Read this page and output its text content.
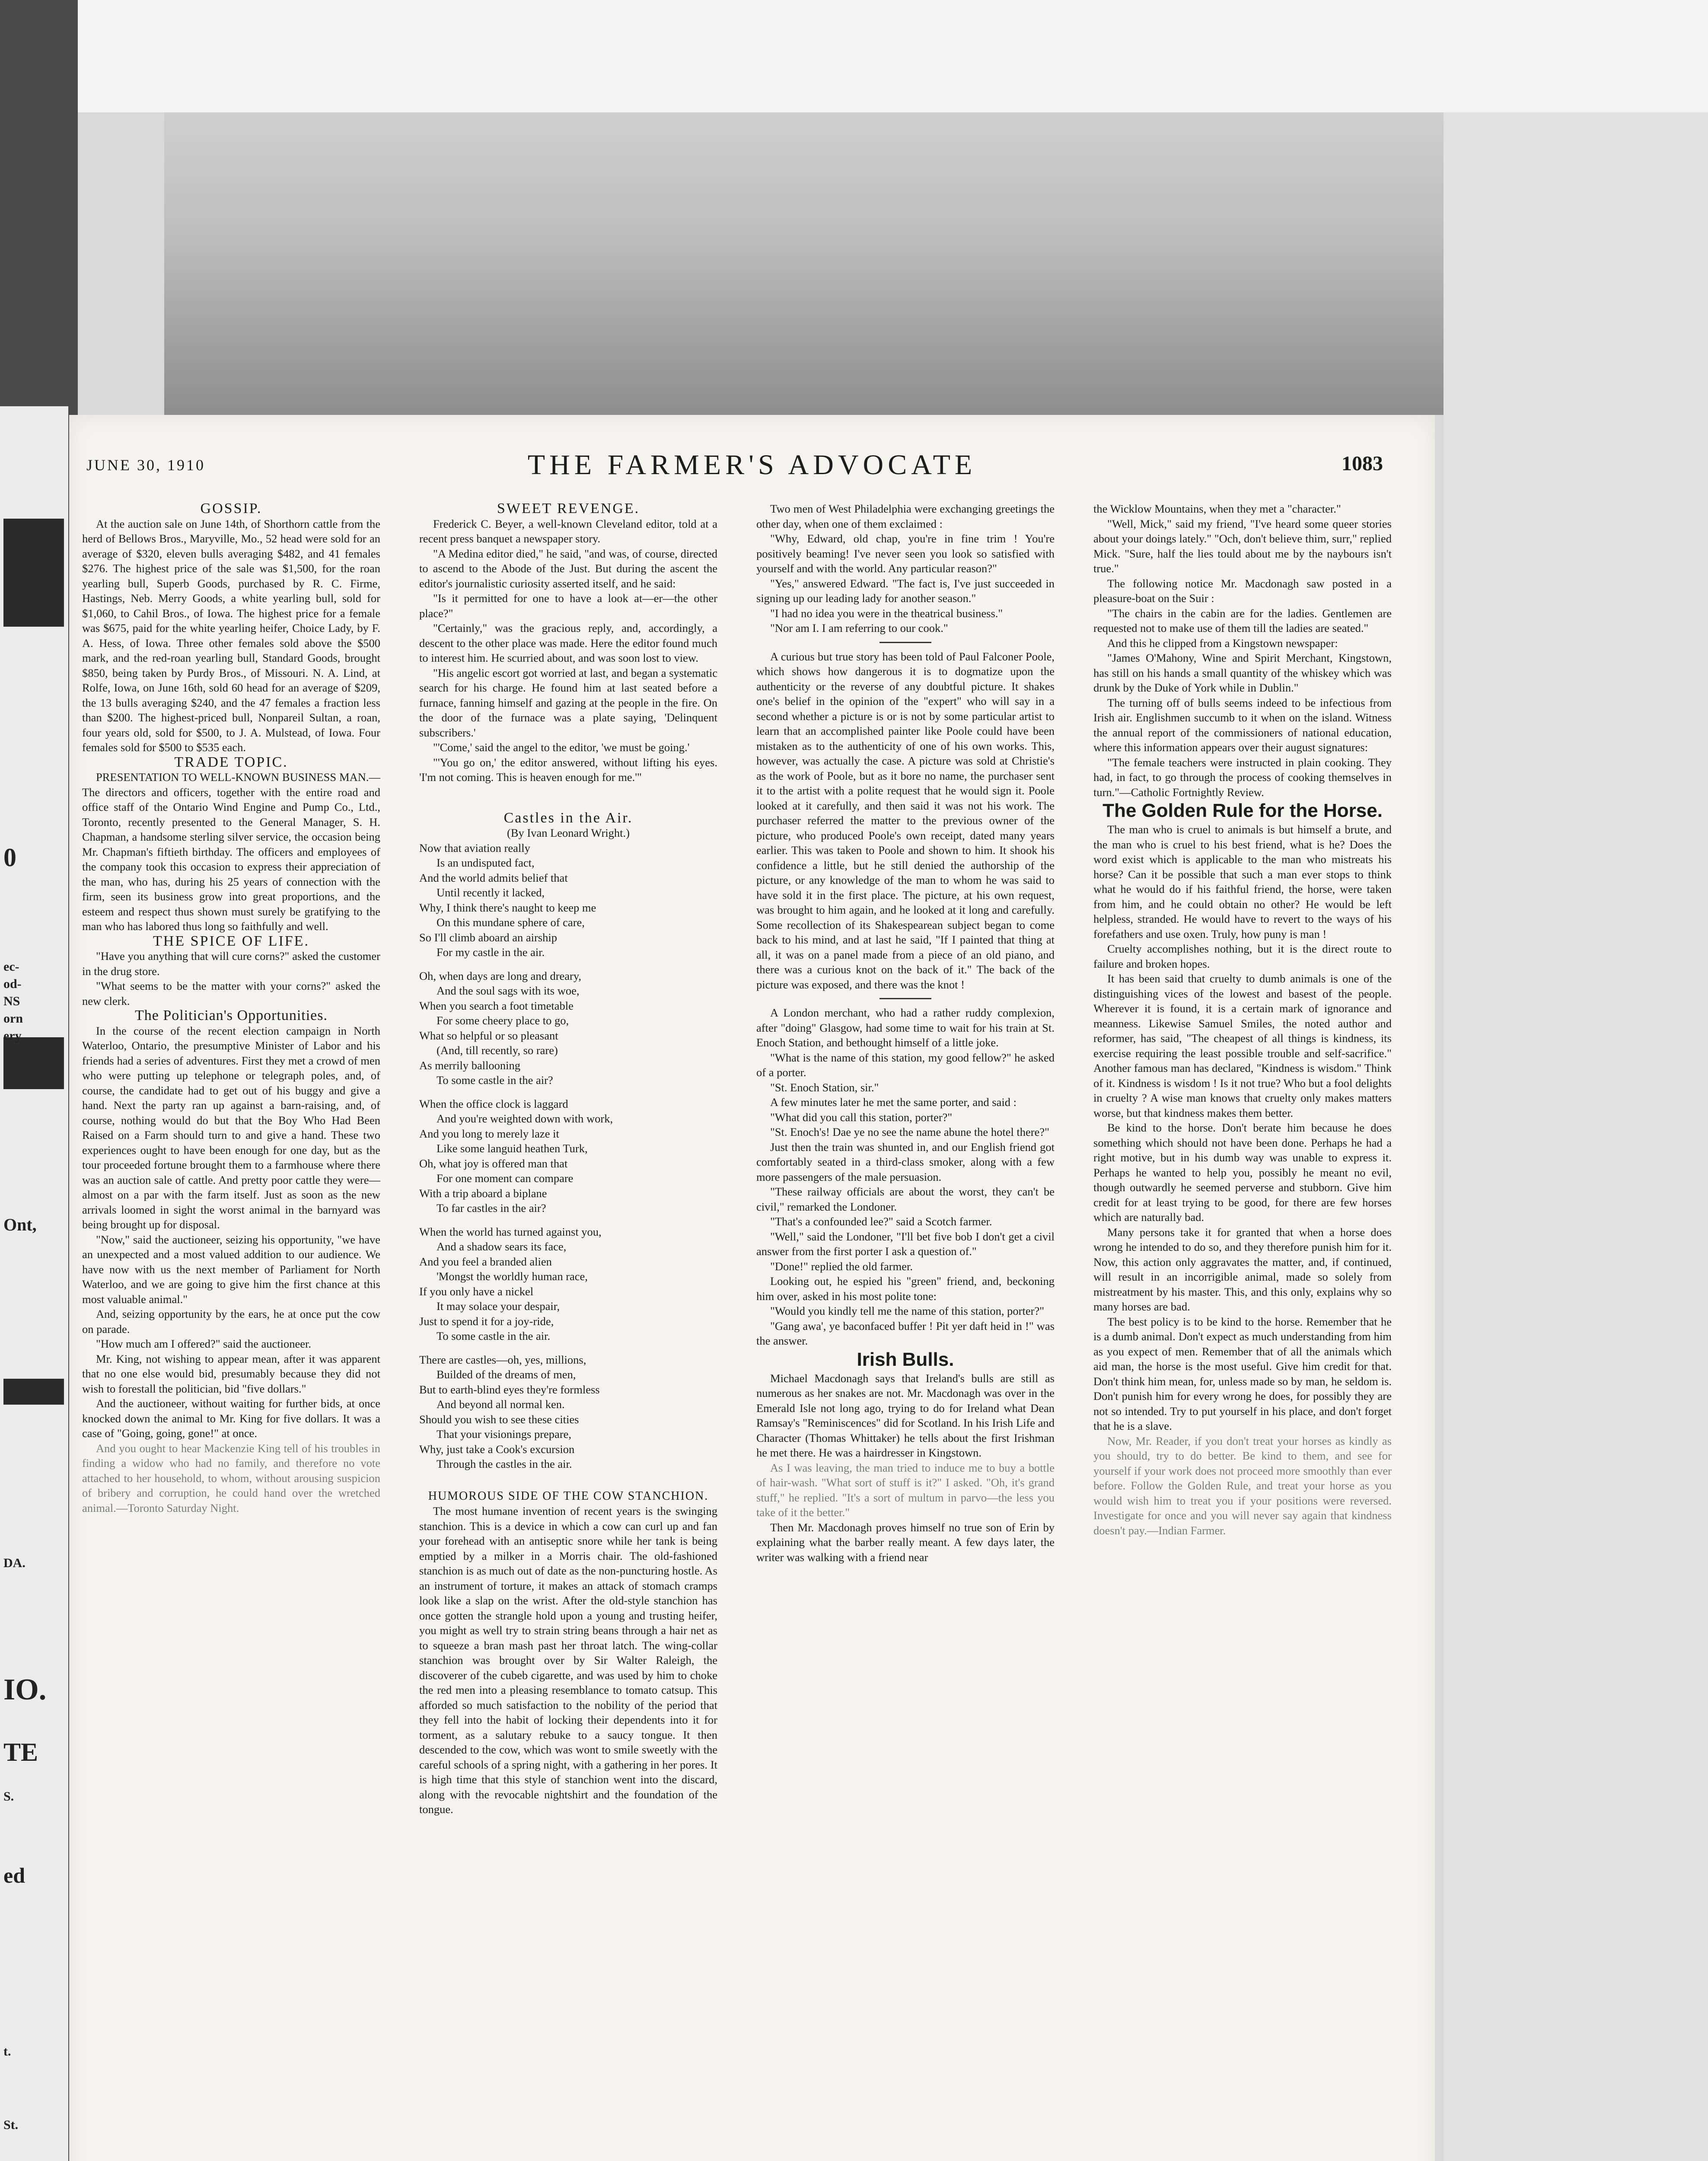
0
ec-
od-
NS
orn
ery
Ont,
DA.
IO.
TE
S.
ed
t.
St.
JUNE 30, 1910	THE FARMER'S ADVOCATE	1083

GOSSIP.

At the auction sale on June 14th, of Shorthorn cattle from the herd of Bellows Bros., Maryville, Mo., 52 head were sold for an average of $320, eleven bulls averaging $482, and 41 females $276. The highest price of the sale was $1,500, for the roan yearling bull, Superb Goods, purchased by R. C. Firme, Hastings, Neb. Merry Goods, a white yearling bull, sold for $1,060, to Cahil Bros., of Iowa. The highest price for a female was $675, paid for the white yearling heifer, Choice Lady, by F. A. Hess, of Iowa. Three other females sold above the $500 mark, and the red-roan yearling bull, Standard Goods, brought $850, being taken by Purdy Bros., of Missouri. N. A. Lind, at Rolfe, Iowa, on June 16th, sold 60 head for an average of $209, the 13 bulls averaging $240, and the 47 females a fraction less than $200. The highest-priced bull, Nonpareil Sultan, a roan, four years old, sold for $500, to J. A. Mulstead, of Iowa. Four females sold for $500 to $535 each.

TRADE TOPIC.

PRESENTATION TO WELL-KNOWN BUSINESS MAN.—The directors and officers, together with the entire road and office staff of the Ontario Wind Engine and Pump Co., Ltd., Toronto, recently presented to the General Manager, S. H. Chapman, a handsome sterling silver service, the occasion being Mr. Chapman's fiftieth birthday. The officers and employees of the company took this occasion to express their appreciation of the man, who has, during his 25 years of connection with the firm, seen its business grow into great proportions, and the esteem and respect thus shown must surely be gratifying to the man who has labored thus long so faithfully and well.

THE SPICE OF LIFE.

"Have you anything that will cure corns?" asked the customer in the drug store.

"What seems to be the matter with your corns?" asked the new clerk.

The Politician's Opportunities.

In the course of the recent election campaign in North Waterloo, Ontario, the presumptive Minister of Labor and his friends had a series of adventures. First they met a crowd of men who were putting up telephone or telegraph poles, and, of course, the candidate had to get out of his buggy and give a hand. Next the party ran up against a barn-raising, and, of course, nothing would do but that the Boy Who Had Been Raised on a Farm should turn to and give a hand. These two experiences ought to have been enough for one day, but as the tour proceeded fortune brought them to a farmhouse where there was an auction sale of cattle. And pretty poor cattle they were—almost on a par with the farm itself. Just as soon as the new arrivals loomed in sight the worst animal in the barnyard was being brought up for disposal.

"Now," said the auctioneer, seizing his opportunity, "we have an unexpected and a most valued addition to our audience. We have now with us the next member of Parliament for North Waterloo, and we are going to give him the first chance at this most valuable animal."

And, seizing opportunity by the ears, he at once put the cow on parade.

"How much am I offered?" said the auctioneer.

Mr. King, not wishing to appear mean, after it was apparent that no one else would bid, presumably because they did not wish to forestall the politician, bid "five dollars."

And the auctioneer, without waiting for further bids, at once knocked down the animal to Mr. King for five dollars. It was a case of "Going, going, gone!" at once.

And you ought to hear Mackenzie King tell of his troubles in finding a widow who had no family, and therefore no vote attached to her household, to whom, without arousing suspicion of bribery and corruption, he could hand over the wretched animal.—Toronto Saturday Night.

SWEET REVENGE.

Frederick C. Beyer, a well-known Cleveland editor, told at a recent press banquet a newspaper story.

"A Medina editor died," he said, "and was, of course, directed to ascend to the Abode of the Just. But during the ascent the editor's journalistic curiosity asserted itself, and he said:

"Is it permitted for one to have a look at—er—the other place?"

"Certainly," was the gracious reply, and, accordingly, a descent to the other place was made. Here the editor found much to interest him. He scurried about, and was soon lost to view.

"His angelic escort got worried at last, and began a systematic search for his charge. He found him at last seated before a furnace, fanning himself and gazing at the people in the fire. On the door of the furnace was a plate saying, 'Delinquent subscribers.'

"'Come,' said the angel to the editor, 'we must be going.'

"'You go on,' the editor answered, without lifting his eyes. 'I'm not coming. This is heaven enough for me.'"

Castles in the Air.

(By Ivan Leonard Wright.)

Now that aviation really

Is an undisputed fact,

And the world admits belief that

Until recently it lacked,

Why, I think there's naught to keep me

On this mundane sphere of care,

So I'll climb aboard an airship

For my castle in the air.

Oh, when days are long and dreary,

And the soul sags with its woe,

When you search a foot timetable

For some cheery place to go,

What so helpful or so pleasant

(And, till recently, so rare)

As merrily ballooning

To some castle in the air?

When the office clock is laggard

And you're weighted down with work,

And you long to merely laze it

Like some languid heathen Turk,

Oh, what joy is offered man that

For one moment can compare

With a trip aboard a biplane

To far castles in the air?

When the world has turned against you,

And a shadow sears its face,

And you feel a branded alien

'Mongst the worldly human race,

If you only have a nickel

It may solace your despair,

Just to spend it for a joy-ride,

To some castle in the air.

There are castles—oh, yes, millions,

Builded of the dreams of men,

But to earth-blind eyes they're formless

And beyond all normal ken.

Should you wish to see these cities

That your visionings prepare,

Why, just take a Cook's excursion

Through the castles in the air.

HUMOROUS SIDE OF THE COW STANCHION.

The most humane invention of recent years is the swinging stanchion. This is a device in which a cow can curl up and fan your forehead with an antiseptic snore while her tank is being emptied by a milker in a Morris chair. The old-fashioned stanchion is as much out of date as the non-puncturing hostle. As an instrument of torture, it makes an attack of stomach cramps look like a slap on the wrist. After the old-style stanchion has once gotten the strangle hold upon a young and trusting heifer, you might as well try to strain string beans through a hair net as to squeeze a bran mash past her throat latch. The wing-collar stanchion was brought over by Sir Walter Raleigh, the discoverer of the cubeb cigarette, and was used by him to choke the red men into a pleasing resemblance to tomato catsup. This afforded so much satisfaction to the nobility of the period that they fell into the habit of locking their dependents into it for torment, as a salutary rebuke to a saucy tongue. It then descended to the cow, which was wont to smile sweetly with the careful schools of a spring night, with a gathering in her pores. It is high time that this style of stanchion went into the discard, along with the revocable nightshirt and the foundation of the tongue.

Two men of West Philadelphia were exchanging greetings the other day, when one of them exclaimed :

"Why, Edward, old chap, you're in fine trim ! You're positively beaming! I've never seen you look so satisfied with yourself and with the world. Any particular reason?"

"Yes," answered Edward. "The fact is, I've just succeeded in signing up our leading lady for another season."

"I had no idea you were in the theatrical business."

"Nor am I. I am referring to our cook."

A curious but true story has been told of Paul Falconer Poole, which shows how dangerous it is to dogmatize upon the authenticity or the reverse of any doubtful picture. It shakes one's belief in the opinion of the "expert" who will say in a second whether a picture is or is not by some particular artist to learn that an accomplished painter like Poole could have been mistaken as to the authenticity of one of his own works. This, however, was actually the case. A picture was sold at Christie's as the work of Poole, but as it bore no name, the purchaser sent it to the artist with a polite request that he would sign it. Poole looked at it carefully, and then said it was not his work. The purchaser referred the matter to the previous owner of the picture, who produced Poole's own receipt, dated many years earlier. This was taken to Poole and shown to him. It shook his confidence a little, but he still denied the authorship of the picture, or any knowledge of the man to whom he was said to have sold it in the first place. The picture, at his own request, was brought to him again, and he looked at it long and carefully. Some recollection of its Shakespearean subject began to come back to his mind, and at last he said, "If I painted that thing at all, it was on a panel made from a piece of an old piano, and there was a curious knot on the back of it." The back of the picture was exposed, and there was the knot !

A London merchant, who had a rather ruddy complexion, after "doing" Glasgow, had some time to wait for his train at St. Enoch Station, and bethought himself of a little joke.

"What is the name of this station, my good fellow?" he asked of a porter.

"St. Enoch Station, sir."

A few minutes later he met the same porter, and said :

"What did you call this station, porter?"

"St. Enoch's! Dae ye no see the name abune the hotel there?"

Just then the train was shunted in, and our English friend got comfortably seated in a third-class smoker, along with a few more passengers of the male persuasion.

"These railway officials are about the worst, they can't be civil," remarked the Londoner.

"That's a confounded lee?" said a Scotch farmer.

"Well," said the Londoner, "I'll bet five bob I don't get a civil answer from the first porter I ask a question of."

"Done!" replied the old farmer.

Looking out, he espied his "green" friend, and, beckoning him over, asked in his most polite tone:

"Would you kindly tell me the name of this station, porter?"

"Gang awa', ye baconfaced buffer ! Pit yer daft heid in !" was the answer.

Irish Bulls.

Michael Macdonagh says that Ireland's bulls are still as numerous as her snakes are not. Mr. Macdonagh was over in the Emerald Isle not long ago, trying to do for Ireland what Dean Ramsay's "Reminiscences" did for Scotland. In his Irish Life and Character (Thomas Whittaker) he tells about the first Irishman he met there. He was a hairdresser in Kingstown.

As I was leaving, the man tried to induce me to buy a bottle of hair-wash. "What sort of stuff is it?" I asked. "Oh, it's grand stuff," he replied. "It's a sort of multum in parvo—the less you take of it the better."

Then Mr. Macdonagh proves himself no true son of Erin by explaining what the barber really meant. A few days later, the writer was walking with a friend near

the Wicklow Mountains, when they met a "character."

"Well, Mick," said my friend, "I've heard some queer stories about your doings lately." "Och, don't believe thim, surr," replied Mick. "Sure, half the lies tould about me by the naybours isn't true."

The following notice Mr. Macdonagh saw posted in a pleasure-boat on the Suir :

"The chairs in the cabin are for the ladies. Gentlemen are requested not to make use of them till the ladies are seated."

And this he clipped from a Kingstown newspaper:

"James O'Mahony, Wine and Spirit Merchant, Kingstown, has still on his hands a small quantity of the whiskey which was drunk by the Duke of York while in Dublin."

The turning off of bulls seems indeed to be infectious from Irish air. Englishmen succumb to it when on the island. Witness the annual report of the commissioners of national education, where this information appears over their august signatures:

"The female teachers were instructed in plain cooking. They had, in fact, to go through the process of cooking themselves in turn."—Catholic Fortnightly Review.

The Golden Rule for the Horse.

The man who is cruel to animals is but himself a brute, and the man who is cruel to his best friend, what is he? Does the word exist which is applicable to the man who mistreats his horse? Can it be possible that such a man ever stops to think what he would do if his faithful friend, the horse, were taken from him, and he could obtain no other? He would be left helpless, stranded. He would have to revert to the ways of his forefathers and use oxen. Truly, how puny is man !

Cruelty accomplishes nothing, but it is the direct route to failure and broken hopes.

It has been said that cruelty to dumb animals is one of the distinguishing vices of the lowest and basest of the people. Wherever it is found, it is a certain mark of ignorance and meanness. Likewise Samuel Smiles, the noted author and reformer, has said, "The cheapest of all things is kindness, its exercise requiring the least possible trouble and self-sacrifice." Another famous man has declared, "Kindness is wisdom." Think of it. Kindness is wisdom ! Is it not true? Who but a fool delights in cruelty ? A wise man knows that cruelty only makes matters worse, but that kindness makes them better.

Be kind to the horse. Don't berate him because he does something which should not have been done. Perhaps he had a right motive, but in his dumb way was unable to express it. Perhaps he wanted to help you, possibly he meant no evil, though outwardly he seemed perverse and stubborn. Give him credit for at least trying to be good, for there are few horses which are naturally bad.

Many persons take it for granted that when a horse does wrong he intended to do so, and they therefore punish him for it. Now, this action only aggravates the matter, and, if continued, will result in an incorrigible animal, made so solely from mistreatment by his master. This, and this only, explains why so many horses are bad.

The best policy is to be kind to the horse. Remember that he is a dumb animal. Don't expect as much understanding from him as you expect of men. Remember that of all the animals which aid man, the horse is the most useful. Give him credit for that. Don't think him mean, for, unless made so by man, he seldom is. Don't punish him for every wrong he does, for possibly they are not so intended. Try to put yourself in his place, and don't forget that he is a slave.

Now, Mr. Reader, if you don't treat your horses as kindly as you should, try to do better. Be kind to them, and see for yourself if your work does not proceed more smoothly than ever before. Follow the Golden Rule, and treat your horse as you would wish him to treat you if your positions were reversed. Investigate for once and you will never say again that kindness doesn't pay.—Indian Farmer.
